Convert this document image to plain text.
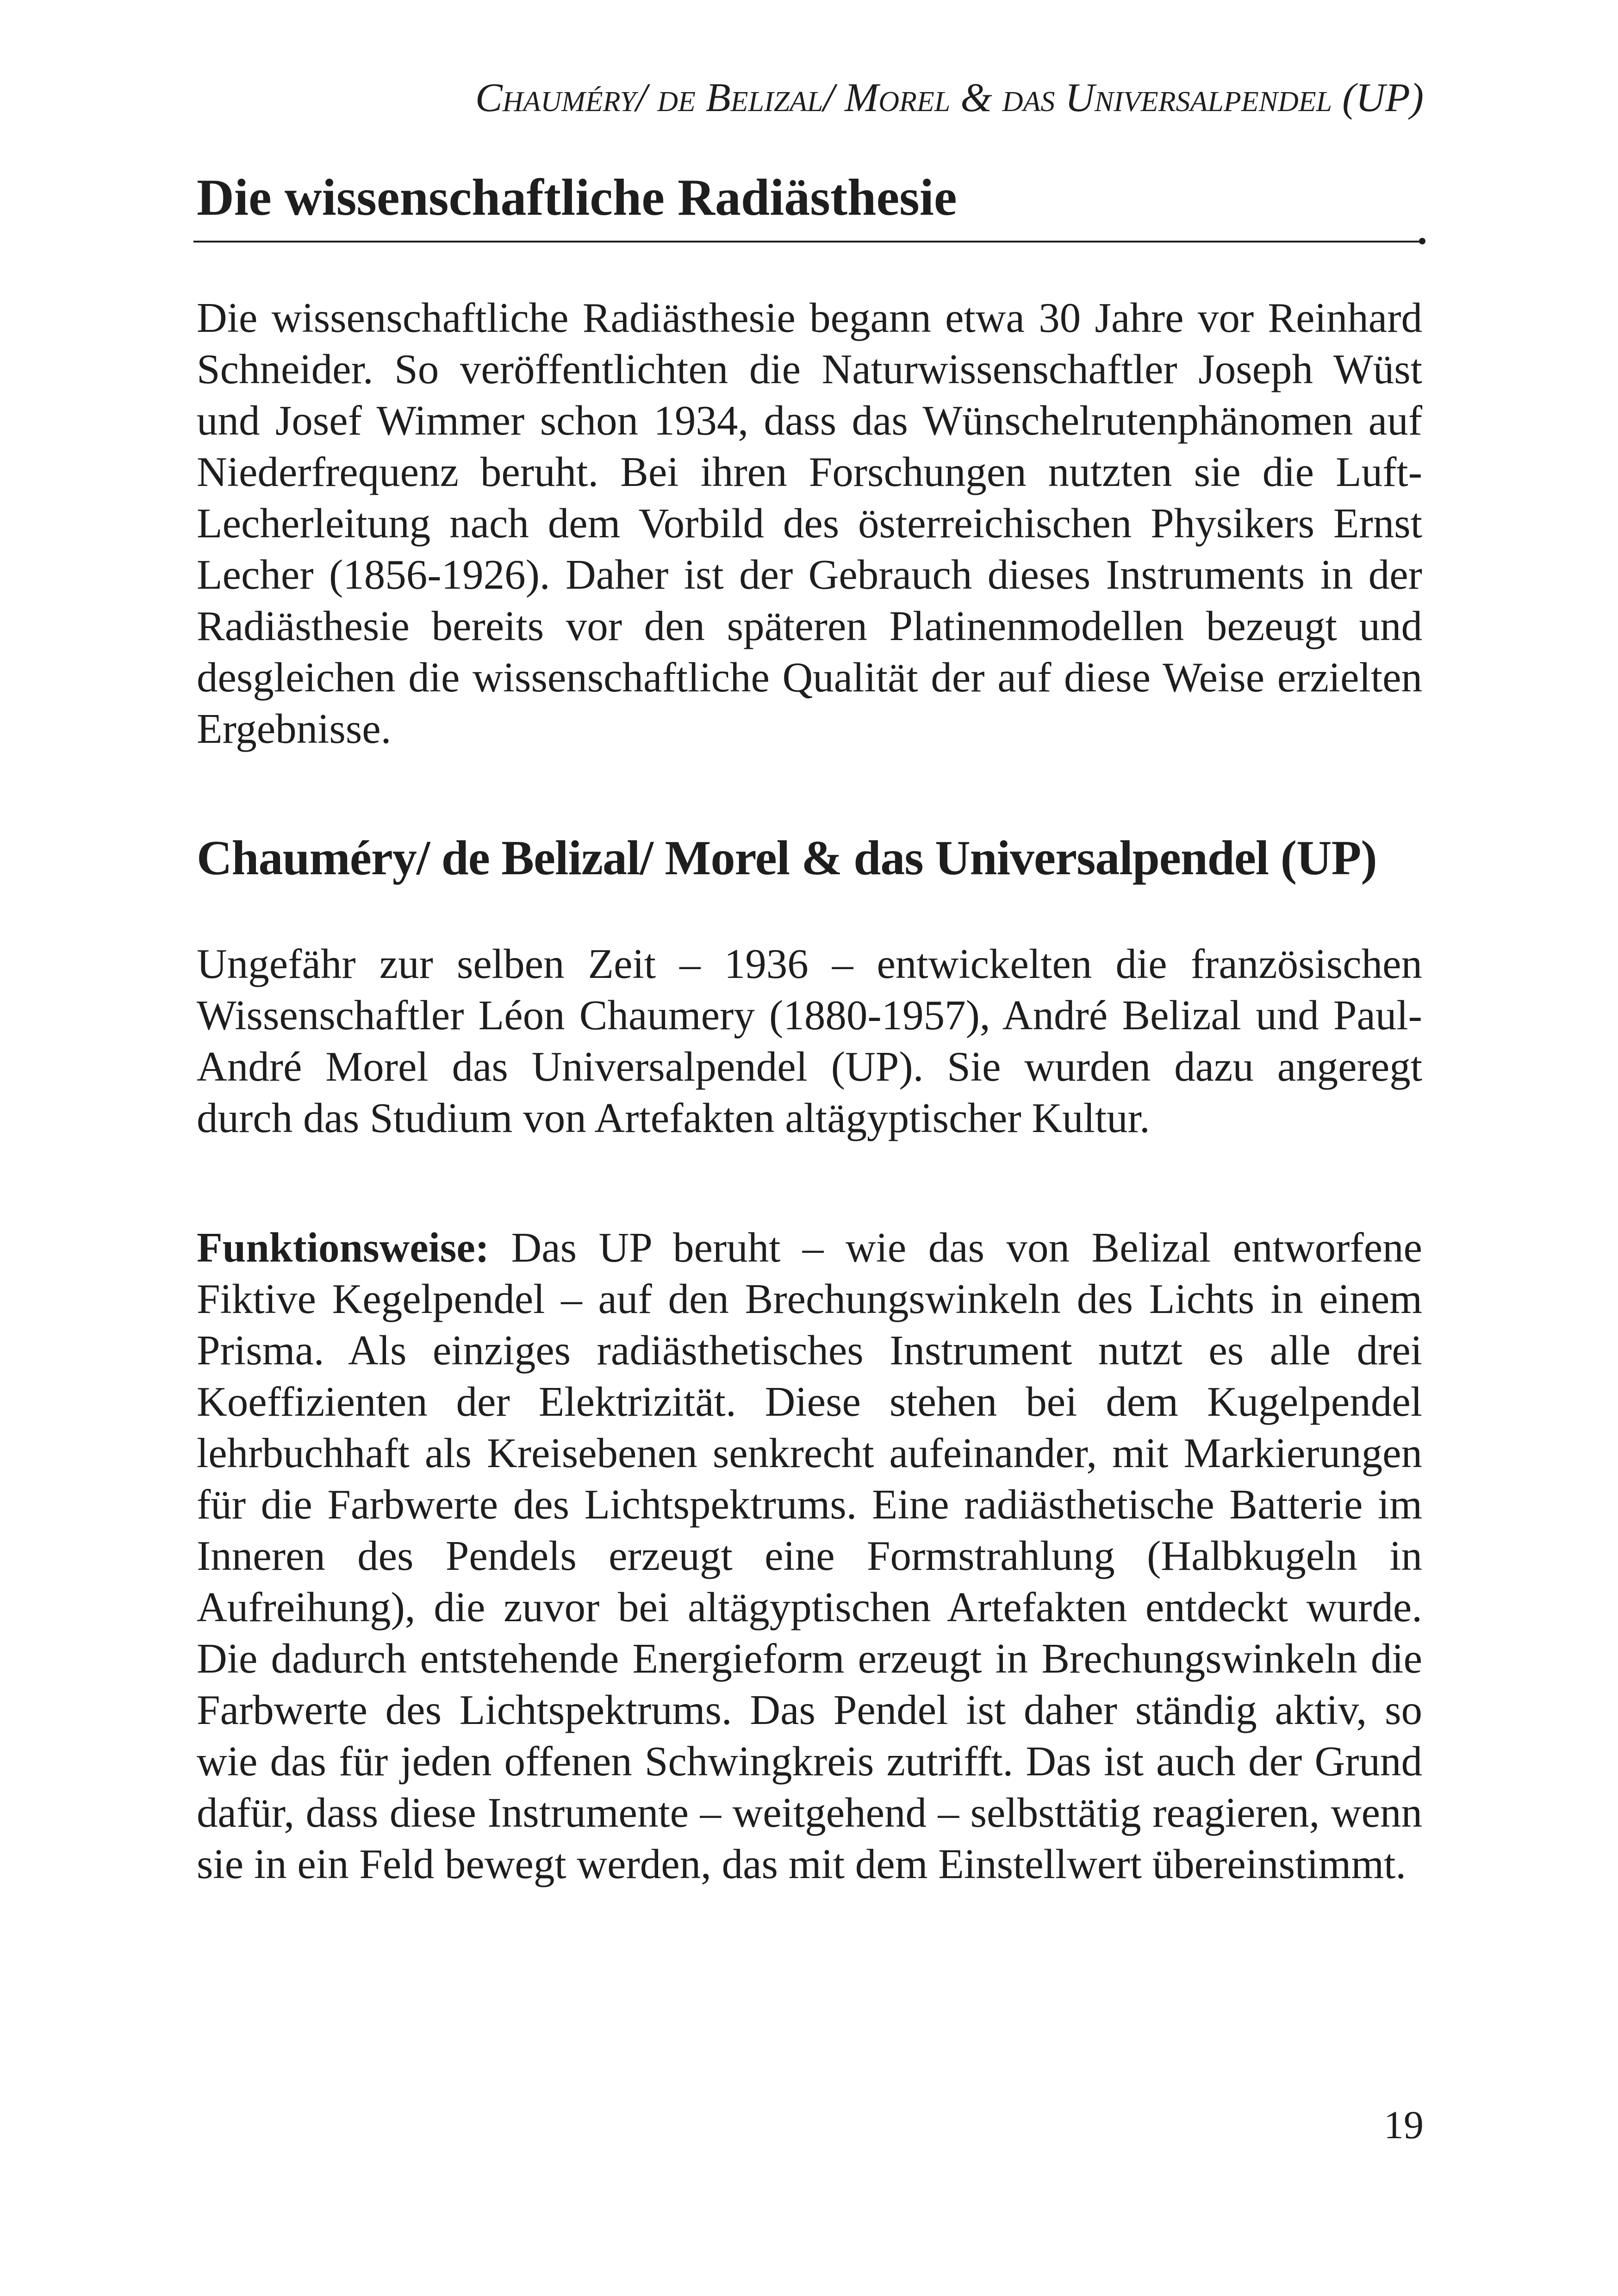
Chauméry/ de Belizal/ Morel & das Universalpendel (UP)
Die wissenschaftliche Radiästhesie

Die wissenschaftliche Radiästhesie begann etwa 30 Jahre vor Reinhard Schneider. So veröffentlichten die Naturwissenschaftler Joseph Wüst und Josef Wimmer schon 1934, dass das Wünschelrutenphänomen auf Niederfrequenz beruht. Bei ihren Forschungen nutzten sie die Luft-Lecherleitung nach dem Vorbild des österreichischen Physikers Ernst Lecher (1856-1926). Daher ist der Gebrauch dieses Instruments in der Radiästhesie bereits vor den späteren Platinenmodellen bezeugt und desgleichen die wissenschaftliche Qualität der auf diese Weise erzielten Ergebnisse.

Chauméry/ de Belizal/ Morel & das Universalpendel (UP)

Ungefähr zur selben Zeit – 1936 – entwickelten die französischen Wissenschaftler Léon Chaumery (1880-1957), André Belizal und Paul-André Morel das Universalpendel (UP). Sie wurden dazu angeregt durch das Studium von Artefakten altägyptischer Kultur.

Funktionsweise: Das UP beruht – wie das von Belizal entworfene Fiktive Kegelpendel – auf den Brechungswinkeln des Lichts in einem Prisma. Als einziges radiästhetisches Instrument nutzt es alle drei Koeffizienten der Elektrizität. Diese stehen bei dem Kugelpendel lehrbuchhaft als Kreisebenen senkrecht aufeinander, mit Markierungen für die Farbwerte des Lichtspektrums. Eine radiästhetische Batterie im Inneren des Pendels erzeugt eine Formstrahlung (Halbkugeln in Aufreihung), die zuvor bei altägyptischen Artefakten entdeckt wurde. Die dadurch entstehende Energieform erzeugt in Brechungswinkeln die Farbwerte des Lichtspektrums. Das Pendel ist daher ständig aktiv, so wie das für jeden offenen Schwingkreis zutrifft. Das ist auch der Grund dafür, dass diese Instrumente – weitgehend – selbsttätig reagieren, wenn sie in ein Feld bewegt werden, das mit dem Einstellwert übereinstimmt.

19
